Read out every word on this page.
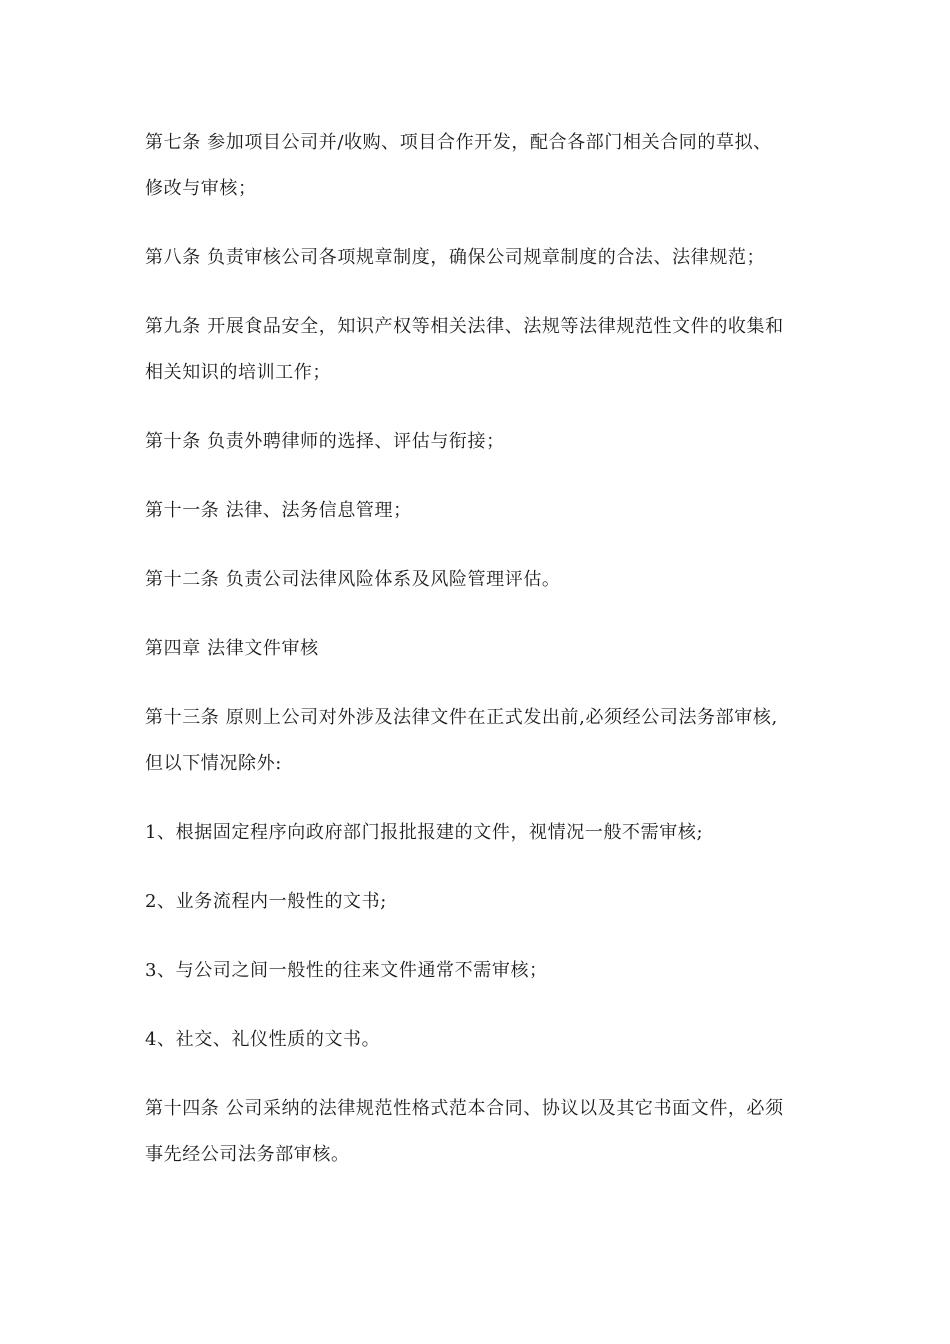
第七条 参加项目公司并/收购、项目合作开发，配合各部门相关合同的草拟、
修改与审核；
第八条 负责审核公司各项规章制度，确保公司规章制度的合法、法律规范；
第九条 开展食品安全，知识产权等相关法律、法规等法律规范性文件的收集和
相关知识的培训工作；
第十条 负责外聘律师的选择、评估与衔接；
第十一条 法律、法务信息管理；
第十二条 负责公司法律风险体系及风险管理评估。
第四章 法律文件审核
第十三条 原则上公司对外涉及法律文件在正式发出前,必须经公司法务部审核,
但以下情况除外:
1、根据固定程序向政府部门报批报建的文件，视情况一般不需审核;
2、业务流程内一般性的文书;
3、与公司之间一般性的往来文件通常不需审核；
4、社交、礼仪性质的文书。
第十四条 公司采纳的法律规范性格式范本合同、协议以及其它书面文件，必须
事先经公司法务部审核。
